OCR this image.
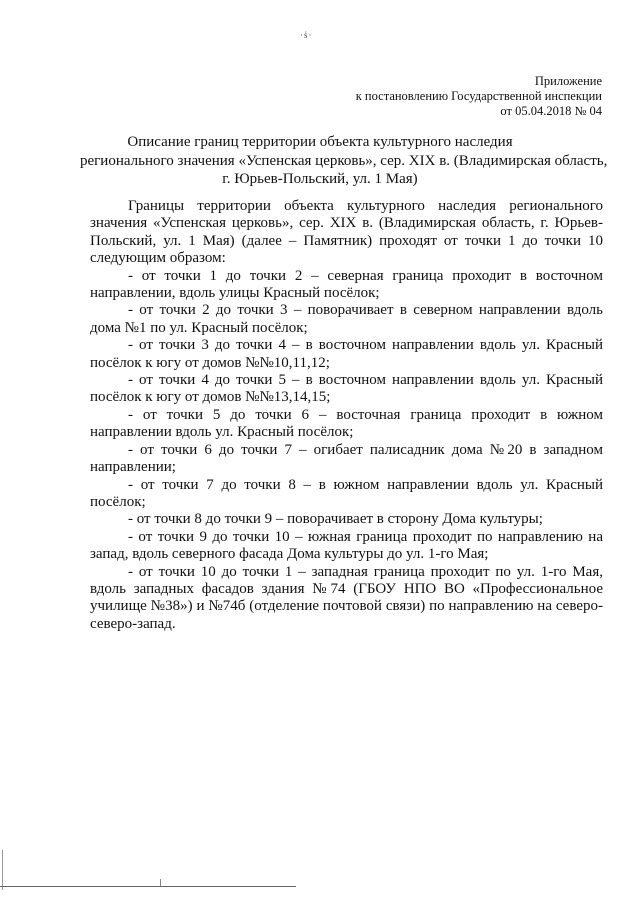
·ṡ·
Приложение
к постановлению Государственной инспекции
от 05.04.2018 № 04
Описание границ территории объекта культурного наследия
регионального значения «Успенская церковь», сер. XIX в. (Владимирская область,
г. Юрьев-Польский, ул. 1 Мая)

Границы территории объекта культурного наследия регионального значения «Успенская церковь», сер. XIX в. (Владимирская область, г. Юрьев-Польский, ул. 1 Мая) (далее – Памятник) проходят от точки 1 до точки 10 следующим образом:

- от точки 1 до точки 2 – северная граница проходит в восточном направлении, вдоль улицы Красный посёлок;

- от точки 2 до точки 3 – поворачивает в северном направлении вдоль дома №1 по ул. Красный посёлок;

- от точки 3 до точки 4 – в восточном направлении вдоль ул. Красный посёлок к югу от домов №№10,11,12;

- от точки 4 до точки 5 – в восточном направлении вдоль ул. Красный посёлок к югу от домов №№13,14,15;

- от точки 5 до точки 6 – восточная граница проходит в южном направлении вдоль ул. Красный посёлок;

- от точки 6 до точки 7 – огибает палисадник дома №20 в западном направлении;

- от точки 7 до точки 8 – в южном направлении вдоль ул. Красный посёлок;

- от точки 8 до точки 9 – поворачивает в сторону Дома культуры;

- от точки 9 до точки 10 – южная граница проходит по направлению на запад, вдоль северного фасада Дома культуры до ул. 1-го Мая;

- от точки 10 до точки 1 – западная граница проходит по ул. 1-го Мая, вдоль западных фасадов здания №74 (ГБОУ НПО ВО «Профессиональное училище №38») и №74б (отделение почтовой связи) по направлению на северо-северо-запад.
